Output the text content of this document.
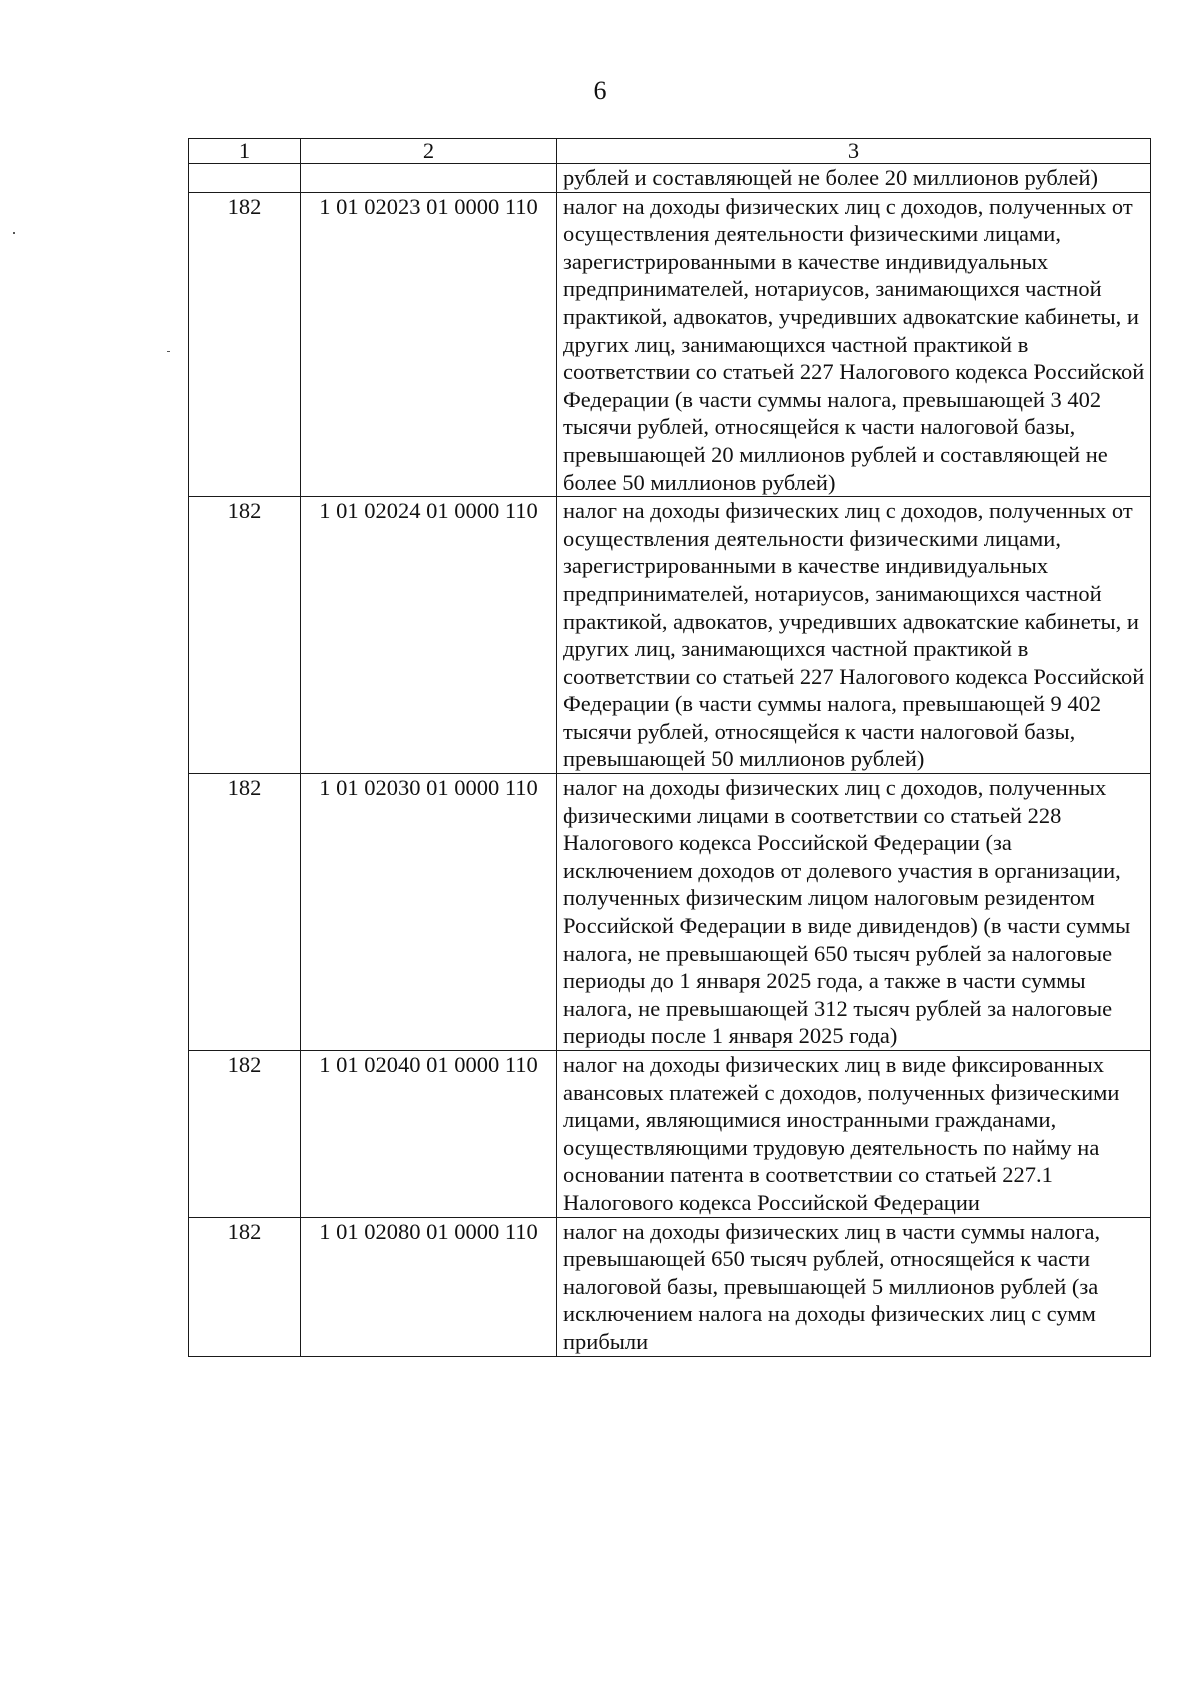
6
1	2	3
		рублей и составляющей не более 20 миллионов рублей)
182	1 01 02023 01 0000 110	налог на доходы физических лиц с доходов, полученных от осуществления деятельности физическими лицами, зарегистрированными в качестве индивидуальных предпринимателей, нотариусов, занимающихся частной практикой, адвокатов, учредивших адвокатские кабинеты, и других лиц, занимающихся частной практикой в соответствии со статьей 227 Налогового кодекса Российской Федерации (в части суммы налога, превышающей 3 402 тысячи рублей, относящейся к части налоговой базы, превышающей 20 миллионов рублей и составляющей не более 50 миллионов рублей)
182	1 01 02024 01 0000 110	налог на доходы физических лиц с доходов, полученных от осуществления деятельности физическими лицами, зарегистрированными в качестве индивидуальных предпринимателей, нотариусов, занимающихся частной практикой, адвокатов, учредивших адвокатские кабинеты, и других лиц, занимающихся частной практикой в соответствии со статьей 227 Налогового кодекса Российской Федерации (в части суммы налога, превышающей 9 402 тысячи рублей, относящейся к части налоговой базы, превышающей 50 миллионов рублей)
182	1 01 02030 01 0000 110	налог на доходы физических лиц с доходов, полученных физическими лицами в соответствии со статьей 228 Налогового кодекса Российской Федерации (за исключением доходов от долевого участия в организации, полученных физическим лицом налоговым резидентом Российской Федерации в виде дивидендов) (в части суммы налога, не превышающей 650 тысяч рублей за налоговые периоды до 1 января 2025 года, а также в части суммы налога, не превышающей 312 тысяч рублей за налоговые периоды после 1 января 2025 года)
182	1 01 02040 01 0000 110	налог на доходы физических лиц в виде фиксированных авансовых платежей с доходов, полученных физическими лицами, являющимися иностранными гражданами, осуществляющими трудовую деятельность по найму на основании патента в соответствии со статьей 227.1 Налогового кодекса Российской Федерации
182	1 01 02080 01 0000 110	налог на доходы физических лиц в части суммы налога, превышающей 650 тысяч рублей, относящейся к части налоговой базы, превышающей 5 миллионов рублей (за исключением налога на доходы физических лиц с сумм прибыли
